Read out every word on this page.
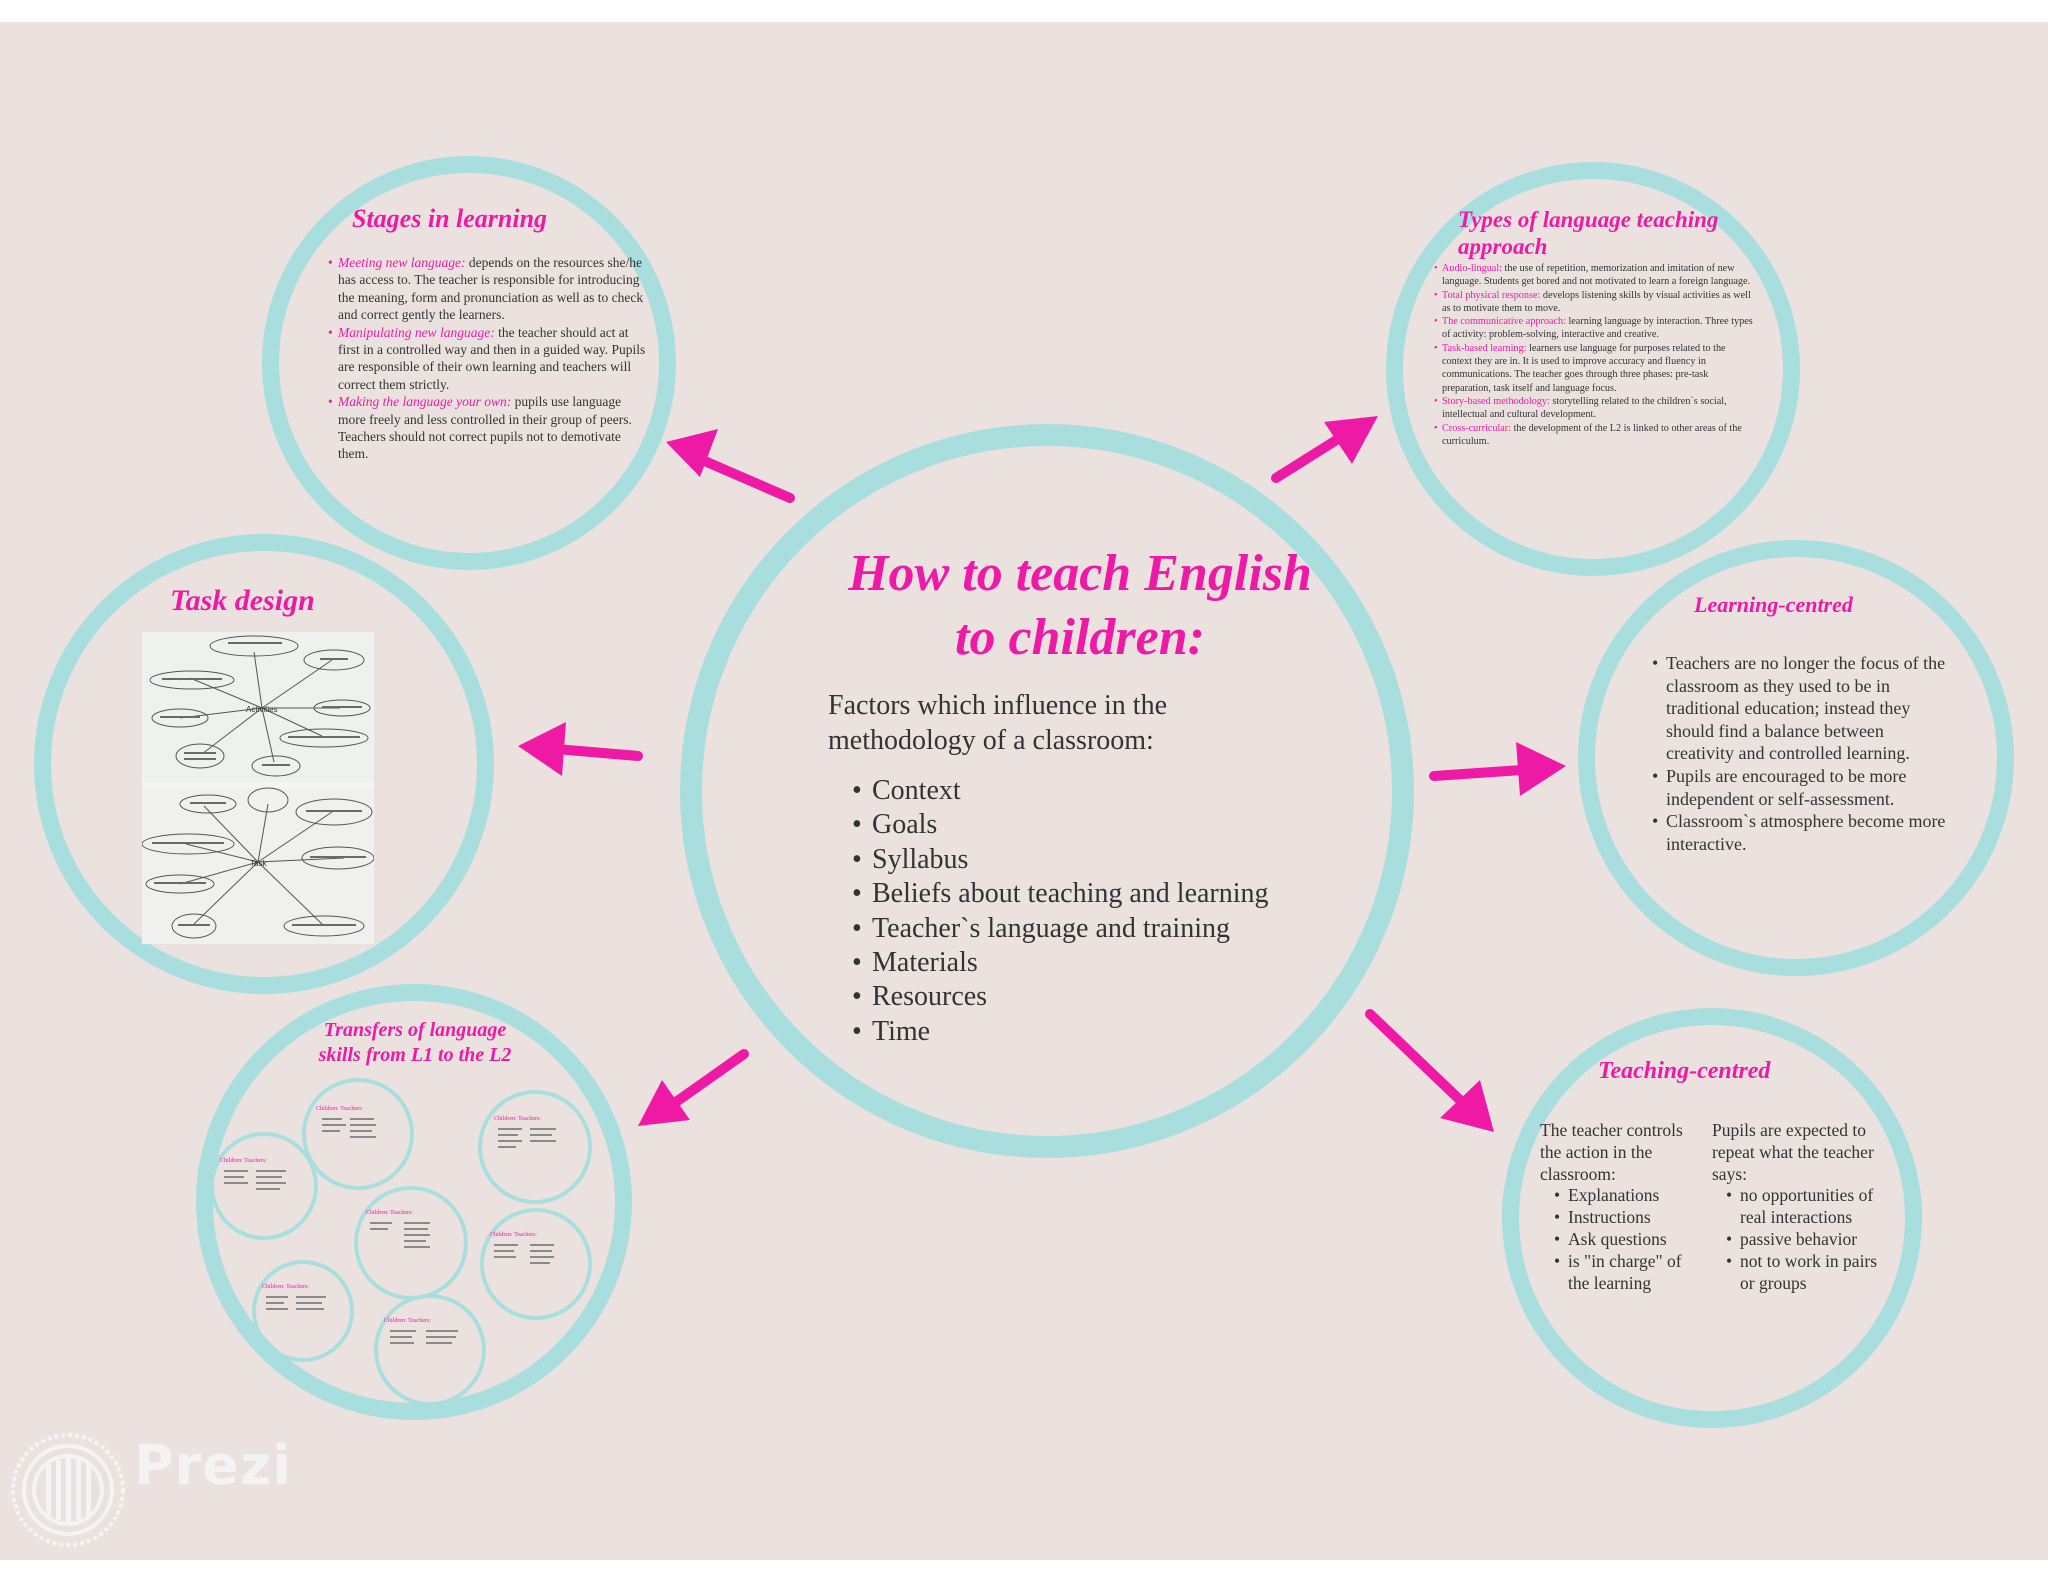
How to teach English
to children:
Factors which influence in the
methodology of a classroom:
• Context
• Goals
• Syllabus
• Beliefs about teaching and learning
• Teacher`s language and training
• Materials
• Resources
• Time
Stages in learning
• Meeting new language: depends on the resources she/he has access to. The teacher is responsible for introducing the meaning, form and pronunciation as well as to check and correct gently the learners.
• Manipulating new language: the teacher should act at first in a controlled way and then in a guided way. Pupils are responsible of their own learning and teachers will correct them strictly.
• Making the language your own: pupils use language more freely and less controlled in their group of peers. Teachers should not correct pupils not to demotivate them.
Types of language teaching approach
• Audio-lingual: the use of repetition, memorization and imitation of new language. Students get bored and not motivated to learn a foreign language.
• Total physical response: develops listening skills by visual activities as well as to motivate them to move.
• The communicative approach: learning language by interaction. Three types of activity: problem-solving, interactive and creative.
• Task-based learning: learners use language for purposes related to the context they are in. It is used to improve accuracy and fluency in communications. The teacher goes through three phases: pre-task preparation, task itself and language focus.
• Story-based methodology: storytelling related to the children`s social, intellectual and cultural development.
• Cross-curricular: the development of the L2 is linked to other areas of the curriculum.
Task design
Activities
Task
Learning-centred
• Teachers are no longer the focus of the classroom as they used to be in traditional education; instead they should find a balance between creativity and controlled learning.
• Pupils are encouraged to be more independent or self-assessment.
• Classroom`s atmosphere become more interactive.
Teaching-centred
The teacher controls the action in the classroom:
• Explanations
• Instructions
• Ask questions
• is "in charge" of the learning
Pupils are expected to repeat what the teacher says:
• no opportunities of real interactions
• passive behavior
• not to work in pairs or groups
Transfers of language
skills from L1 to the L2
Children: Teachers:
Children: Teachers:
Children: Teachers:
Children: Teachers:
Children: Teachers:
Children: Teachers:
Children: Teachers:
Prezi
